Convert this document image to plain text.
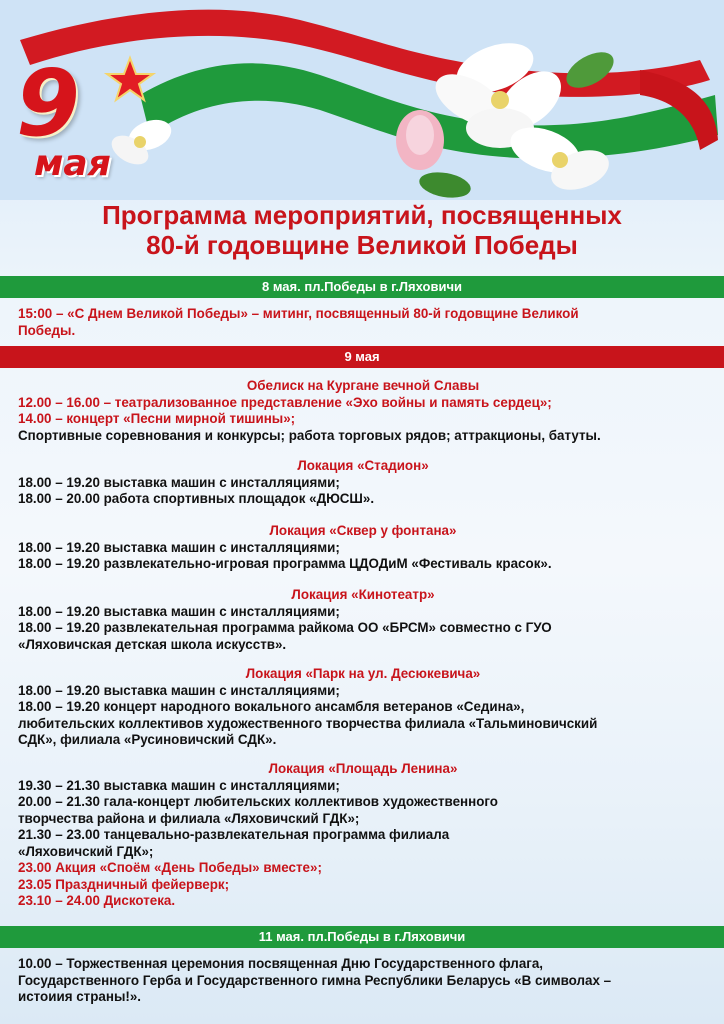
9
мая
Программа мероприятий, посвященных
80-й годовщине Великой Победы
8 мая. пл.Победы в г.Ляховичи
15:00 – «С Днем Великой Победы» – митинг, посвященный 80-й годовщине Великой
Победы.
9 мая
Обелиск на Кургане вечной Славы
12.00 – 16.00 – театрализованное представление «Эхо войны и память сердец»;
14.00 – концерт «Песни мирной тишины»;
Спортивные соревнования и конкурсы; работа торговых рядов; аттракционы, батуты.
Локация «Стадион»
18.00 – 19.20 выставка машин с инсталляциями;
18.00 – 20.00 работа спортивных площадок «ДЮСШ».
Локация «Сквер у фонтана»
18.00 – 19.20 выставка машин с инсталляциями;
18.00 – 19.20 развлекательно-игровая программа ЦДОДиМ «Фестиваль красок».
Локация «Кинотеатр»
18.00 – 19.20 выставка машин с инсталляциями;
18.00 – 19.20 развлекательная программа райкома ОО «БРСМ» совместно с ГУО
«Ляховичская детская школа искусств».
Локация «Парк на ул. Десюкевича»
18.00 – 19.20 выставка машин с инсталляциями;
18.00 – 19.20 концерт народного вокального ансамбля ветеранов «Седина»,
любительских коллективов художественного творчества филиала «Тальминовичский
СДК», филиала «Русиновичский СДК».
Локация «Площадь Ленина»
19.30 – 21.30 выставка машин с инсталляциями;
20.00 – 21.30 гала-концерт любительских коллективов художественного
творчества района и филиала «Ляховичский ГДК»;
21.30 – 23.00 танцевально-развлекательная программа филиала
«Ляховичский ГДК»;
23.00 Акция «Споём «День Победы» вместе»;
23.05 Праздничный фейерверк;
23.10 – 24.00 Дискотека.
11 мая. пл.Победы в г.Ляховичи
10.00 – Торжественная церемония посвященная Дню Государственного флага,
Государственного Герба и Государственного гимна Республики Беларусь «В символах –
истоиия страны!».
